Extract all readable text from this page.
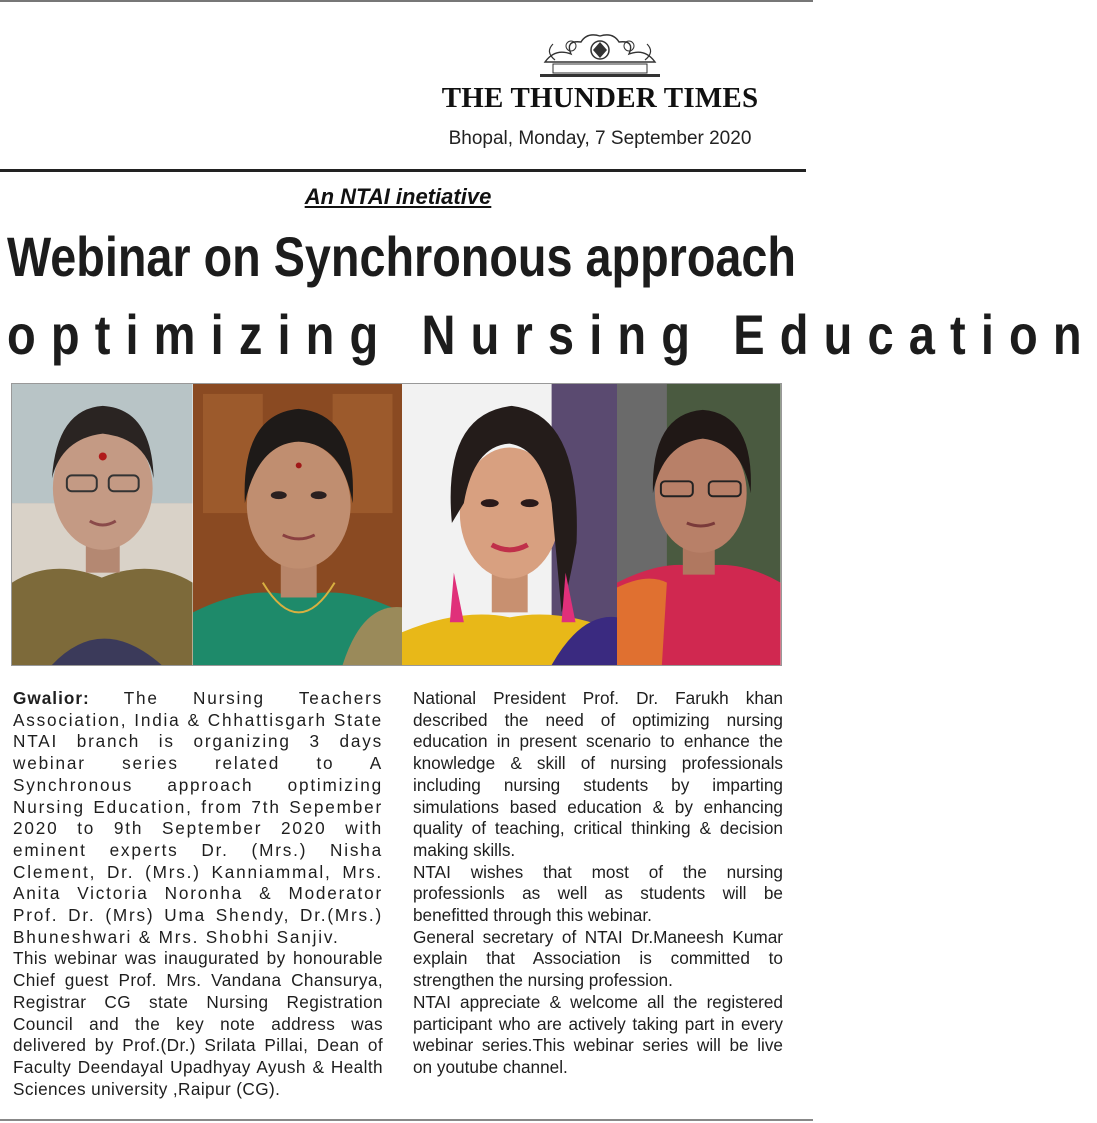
THE THUNDER TIMES
Bhopal, Monday, 7 September 2020
An NTAI inetiative
Webinar on Synchronous approach
optimizing Nursing Education

Gwalior: The Nursing Teachers Association, India & Chhattisgarh State NTAI branch is organizing 3 days webinar series related to A Synchronous approach optimizing Nursing Education, from 7th Sepember 2020 to 9th September 2020 with eminent experts Dr. (Mrs.) Nisha Clement, Dr. (Mrs.) Kanniammal, Mrs. Anita Victoria Noronha & Moderator Prof. Dr. (Mrs) Uma Shendy, Dr.(Mrs.) Bhuneshwari & Mrs. Shobhi Sanjiv.

This webinar was inaugurated by honourable Chief guest Prof. Mrs. Vandana Chansurya, Registrar CG state Nursing Registration Council and the key note address was delivered by Prof.(Dr.) Srilata Pillai, Dean of Faculty Deendayal Upadhyay Ayush & Health Sciences university ,Raipur (CG).

National President Prof. Dr. Farukh khan described the need of optimizing nursing education in present scenario to enhance the knowledge & skill of nursing professionals including nursing students by imparting simulations based education & by enhancing quality of teaching, critical thinking & decision making skills.

NTAI wishes that most of the nursing professionls as well as students will be benefitted through this webinar.

General secretary of NTAI Dr.Maneesh Kumar explain that Association is committed to strengthen the nursing profession.

NTAI appreciate & welcome all the registered participant who are actively taking part in every webinar series.This webinar series will be live on youtube channel.
